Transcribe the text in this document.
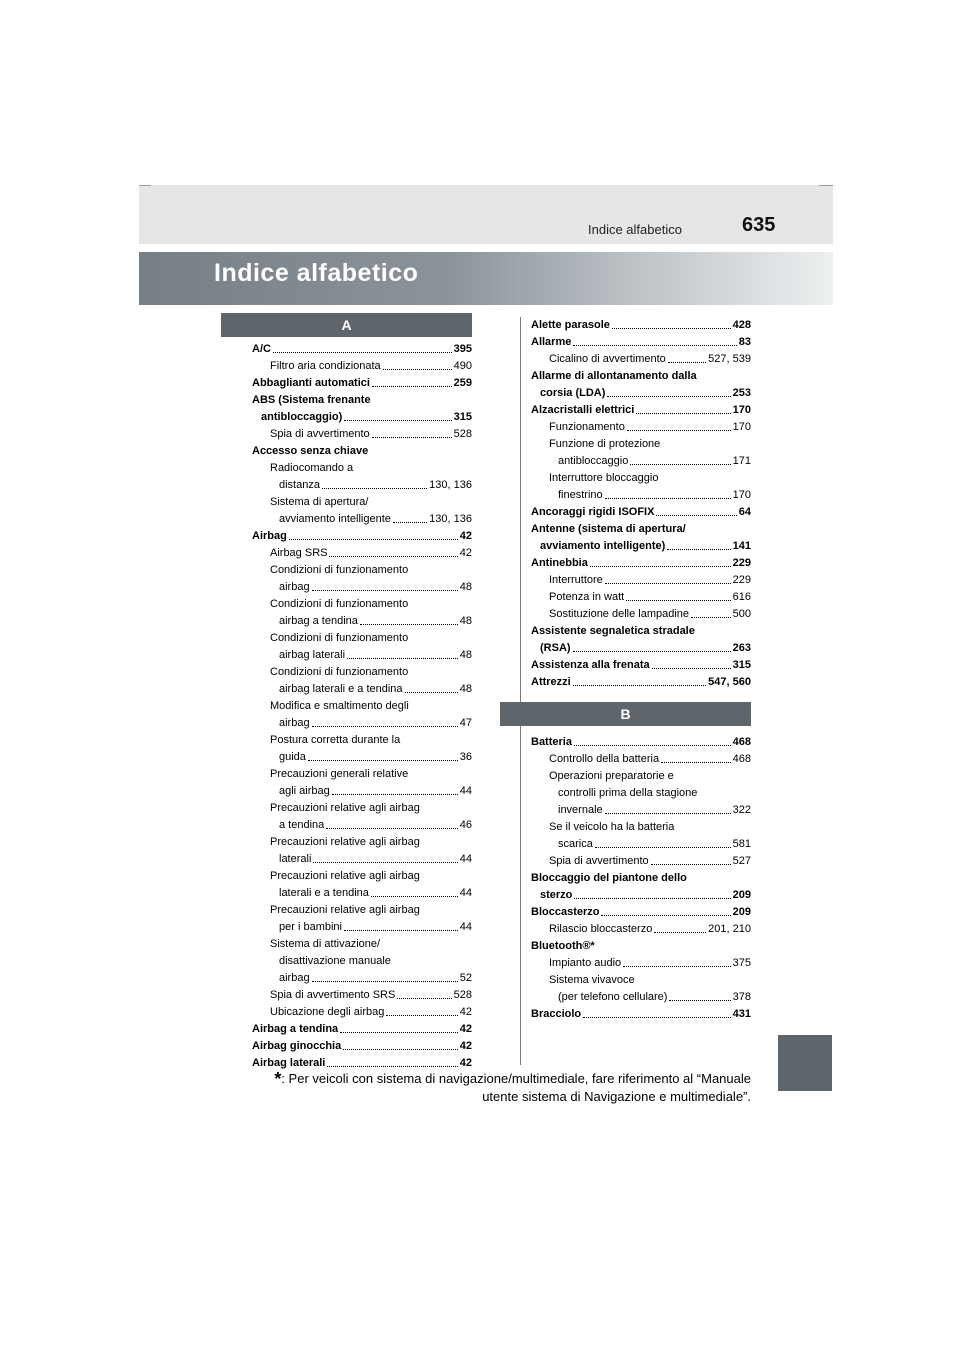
Indice alfabetico	635
Indice alfabetico
A
A/C	395
Filtro aria condizionata	490
Abbaglianti automatici	259
ABS (Sistema frenante
antibloccaggio)	315
Spia di avvertimento	528
Accesso senza chiave
Radiocomando a
distanza	130, 136
Sistema di apertura/
avviamento intelligente	130, 136
Airbag	42
Airbag SRS	42
Condizioni di funzionamento
airbag	48
Condizioni di funzionamento
airbag a tendina	48
Condizioni di funzionamento
airbag laterali	48
Condizioni di funzionamento
airbag laterali e a tendina	48
Modifica e smaltimento degli
airbag	47
Postura corretta durante la
guida	36
Precauzioni generali relative
agli airbag	44
Precauzioni relative agli airbag
a tendina	46
Precauzioni relative agli airbag
laterali	44
Precauzioni relative agli airbag
laterali e a tendina	44
Precauzioni relative agli airbag
per i bambini	44
Sistema di attivazione/
disattivazione manuale
airbag	52
Spia di avvertimento SRS	528
Ubicazione degli airbag	42
Airbag a tendina	42
Airbag ginocchia	42
Airbag laterali	42
Alette parasole	428
Allarme	83
Cicalino di avvertimento	527, 539
Allarme di allontanamento dalla
corsia (LDA)	253
Alzacristalli elettrici	170
Funzionamento	170
Funzione di protezione
antibloccaggio	171
Interruttore bloccaggio
finestrino	170
Ancoraggi rigidi ISOFIX	64
Antenne (sistema di apertura/
avviamento intelligente)	141
Antinebbia	229
Interruttore	229
Potenza in watt	616
Sostituzione delle lampadine	500
Assistente segnaletica stradale
(RSA)	263
Assistenza alla frenata	315
Attrezzi	547, 560
B
Batteria	468
Controllo della batteria	468
Operazioni preparatorie e
controlli prima della stagione
invernale	322
Se il veicolo ha la batteria
scarica	581
Spia di avvertimento	527
Bloccaggio del piantone dello
sterzo	209
Bloccasterzo	209
Rilascio bloccasterzo	201, 210
Bluetooth®*
Impianto audio	375
Sistema vivavoce
(per telefono cellulare)	378
Bracciolo	431
*: Per veicoli con sistema di navigazione/multimediale, fare riferimento al “Manuale utente sistema di Navigazione e multimediale”.
